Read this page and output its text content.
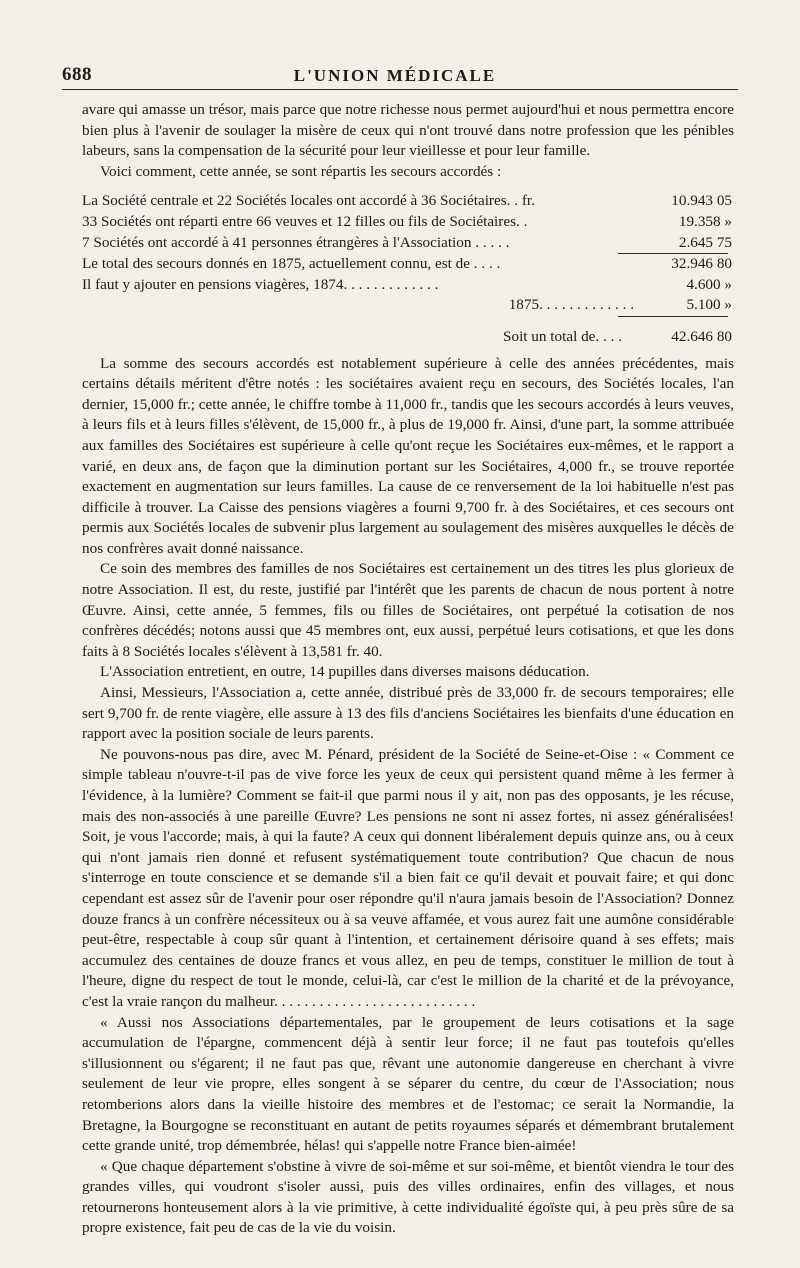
688	L'UNION MÉDICALE

avare qui amasse un trésor, mais parce que notre richesse nous permet aujourd'hui et nous permettra encore bien plus à l'avenir de soulager la misère de ceux qui n'ont trouvé dans notre profession que les pénibles labeurs, sans la compensation de la sécurité pour leur vieillesse et pour leur famille.

Voici comment, cette année, se sont répartis les secours accordés :

La Société centrale et 22 Sociétés locales ont accordé à 36 Sociétaires. . fr.	10.943 05
33 Sociétés ont réparti entre 66 veuves et 12 filles ou fils de Sociétaires. .	19.358 »
7 Sociétés ont accordé à 41 personnes étrangères à l'Association . . . . .	2.645 75
Le total des secours donnés en 1875, actuellement connu, est de . . . .	32.946 80
Il faut y ajouter en pensions viagères, 1874. . . . . . . . . . . . .	4.600 »
1875. . . . . . . . . . . . .	5.100 »
Soit un total de. . . .	42.646 80

La somme des secours accordés est notablement supérieure à celle des années précédentes, mais certains détails méritent d'être notés : les sociétaires avaient reçu en secours, des Sociétés locales, l'an dernier, 15,000 fr.; cette année, le chiffre tombe à 11,000 fr., tandis que les secours accordés à leurs veuves, à leurs fils et à leurs filles s'élèvent, de 15,000 fr., à plus de 19,000 fr. Ainsi, d'une part, la somme attribuée aux familles des Sociétaires est supérieure à celle qu'ont reçue les Sociétaires eux-mêmes, et le rapport a varié, en deux ans, de façon que la diminution portant sur les Sociétaires, 4,000 fr., se trouve reportée exactement en augmentation sur leurs familles. La cause de ce renversement de la loi habituelle n'est pas difficile à trouver. La Caisse des pensions viagères a fourni 9,700 fr. à des Sociétaires, et ces secours ont permis aux Sociétés locales de subvenir plus largement au soulagement des misères auxquelles le décès de nos confrères avait donné naissance.

Ce soin des membres des familles de nos Sociétaires est certainement un des titres les plus glorieux de notre Association. Il est, du reste, justifié par l'intérêt que les parents de chacun de nous portent à notre Œuvre. Ainsi, cette année, 5 femmes, fils ou filles de Sociétaires, ont perpétué la cotisation de nos confrères décédés; notons aussi que 45 membres ont, eux aussi, perpétué leurs cotisations, et que les dons faits à 8 Sociétés locales s'élèvent à 13,581 fr. 40.

L'Association entretient, en outre, 14 pupilles dans diverses maisons déducation.

Ainsi, Messieurs, l'Association a, cette année, distribué près de 33,000 fr. de secours temporaires; elle sert 9,700 fr. de rente viagère, elle assure à 13 des fils d'anciens Sociétaires les bienfaits d'une éducation en rapport avec la position sociale de leurs parents.

Ne pouvons-nous pas dire, avec M. Pénard, président de la Société de Seine-et-Oise : « Comment ce simple tableau n'ouvre-t-il pas de vive force les yeux de ceux qui persistent quand même à les fermer à l'évidence, à la lumière? Comment se fait-il que parmi nous il y ait, non pas des opposants, je les récuse, mais des non-associés à une pareille Œuvre? Les pensions ne sont ni assez fortes, ni assez généralisées! Soit, je vous l'accorde; mais, à qui la faute? A ceux qui donnent libéralement depuis quinze ans, ou à ceux qui n'ont jamais rien donné et refusent systématiquement toute contribution? Que chacun de nous s'interroge en toute conscience et se demande s'il a bien fait ce qu'il devait et pouvait faire; et qui donc cependant est assez sûr de l'avenir pour oser répondre qu'il n'aura jamais besoin de l'Association? Donnez douze francs à un confrère nécessiteux ou à sa veuve affamée, et vous aurez fait une aumône considérable peut-être, respectable à coup sûr quant à l'intention, et certainement dérisoire quand à ses effets; mais accumulez des centaines de douze francs et vous allez, en peu de temps, constituer le million de tout à l'heure, digne du respect de tout le monde, celui-là, car c'est le million de la charité et de la prévoyance, c'est la vraie rançon du malheur. . . . . . . . . . . . . . . . . . . . . . . . . . .

« Aussi nos Associations départementales, par le groupement de leurs cotisations et la sage accumulation de l'épargne, commencent déjà à sentir leur force; il ne faut pas toutefois qu'elles s'illusionnent ou s'égarent; il ne faut pas que, rêvant une autonomie dangereuse en cherchant à vivre seulement de leur vie propre, elles songent à se séparer du centre, du cœur de l'Association; nous retomberions alors dans la vieille histoire des membres et de l'estomac; ce serait la Normandie, la Bretagne, la Bourgogne se reconstituant en autant de petits royaumes séparés et démembrant brutalement cette grande unité, trop démembrée, hélas! qui s'appelle notre France bien-aimée!

« Que chaque département s'obstine à vivre de soi-même et sur soi-même, et bientôt viendra le tour des grandes villes, qui voudront s'isoler aussi, puis des villes ordinaires, enfin des villages, et nous retournerons honteusement alors à la vie primitive, à cette individualité égoïste qui, à peu près sûre de sa propre existence, fait peu de cas de la vie du voisin.
